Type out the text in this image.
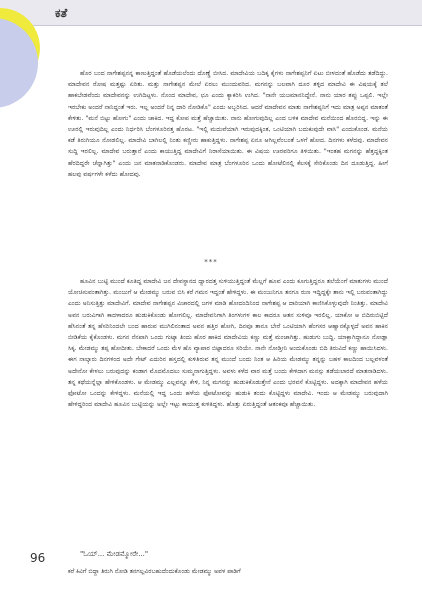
ಕತೆ

ಹೊರ ಬಂದ ನಾಗೇಶಪ್ಪನನ್ನ ಕಾಣುತ್ತಿದ್ದಂತೆ ಹೊಡೆಯಲೆಂದು ದೊಣ್ಣೆ ಬೀಸಿದ. ಮಾದೇವಿಯ ಬದಿಕ್ಕ ಕೈಗಳು ನಾಗೇಶಪ್ಪನಿಗೆ ಏಟು ಬೀಳದಂತೆ ಹೊಡೆದು ತಡೆದಿದ್ದು. ಮಾದೇವನ ರೋಷ ಮತ್ತಷ್ಟು ಏರಿತು. ಮತ್ತು ನಾಗೇಶಪ್ಪನ ಮೇಲೆ ಏರಲು ಮುಂದುವರಿದ. ಮಗನನ್ನು ಬಲವಾಗಿ ದೂರ ತಳ್ಳಿದ ಮಾದೇವಿ ಈ ವಿಷಯಕ್ಕೆ ತಲೆ ಹಾಕಬೇಡವೆಂದು ಮಾದೇವನನ್ನು ಉಗಿದಿಟ್ಟಳು. ನೊಂದ ಮಾದೇವ, ಛೂ ಎಂದು ಕ್ಯಾಕರಿಸಿ ಉಗಿದ. "ನಾನೇ ಯಜಮಾನನಿದ್ದೇನೆ. ನಾನು ಯಾರ ತಪ್ಪು ಒಪ್ಪಲಿ. ಇಲ್ಲೇ ಇರಬೇಕು ಅಂದರೆ ನಾನಿದ್ದಂತೆ ಇರು. ಇಲ್ಲ ಅಂದರೆ ನಿನ್ನ ದಾರಿ ನೋಡಿಕೊ" ಎಂದು ಅಬ್ಬರಿಸಿದ. ಆದರೆ ಮಾದೇವನ ಮಾತು ನಾಗೇಶಪ್ಪನಿಗೆ ಇದು ಮಾತ್ರ ಅಪ್ಪನ ಮಾತಂತೆ ಕೇಳಿತು. "ಮನೆ ಬಿಟ್ಟು ಹೋಗು" ಎಂದು ಚಾಕಿದ. ಇದ್ದ ಕೋಪ ಮತ್ತೆ ಹೆಚ್ಚಾಯಿತು. ನಾನು ಹೋಗುವುದಿಲ್ಲ ಎಂದ ಬಳಿಕ ಮಾದೇವ ಮನೆಯಿಂದ ಹೊರಬಿದ್ದ. ಇನ್ನು ಈ ಊರಲ್ಲಿ ಇರುವುದಿಲ್ಲ ಎಂದು ನಿರ್ಧರಿಸಿ ಬೆಂಗಳೂರಿನತ್ತ ಹೊರಟ. "ಇಲ್ಲಿ ಮದುವೆಯಾಗಿ ಇರುವುದಕ್ಕಿಂತ, ಒಂಟಿಯಾಗಿ ಬದುಕುವುದೇ ವಾಸಿ" ಎಂದುಕೊಂಡ. ಮನೆಯ ಕಡೆ ತಿರುಗಿಯೂ ನೋಡಲಿಲ್ಲ. ಮಾದೇವಿ ಬಾಗಿಲಲ್ಲಿ ನಿಂತು ಕಣ್ಣೀರು ಹಾಕುತ್ತಿದ್ದಳು. ನಾಗೇಶಪ್ಪ ಏನೂ ಆಗಿಲ್ಲವೆಂಬಂತೆ ಒಳಗೆ ಹೋದ. ದಿನಗಳು ಕಳೆದವು. ಮಾದೇವನ ಸುದ್ದಿ ಇರಲಿಲ್ಲ. ಮಾದೇವ ಬರುತ್ತಾನೆ ಎಂದು ಕಾಯುತ್ತಿದ್ದ ಮಾದೇವಿಗೆ ನಿರಾಸೆಯಾಯಿತು. ಈ ವಿಷಯ ಊರವರಿಗೂ ತಿಳಿಯಿತು. "ಇಂತಹ ಮಗನನ್ನು ಹೆತ್ತದ್ದಕ್ಕಿಂತ ಹೆರದಿದ್ದರೇ ಚೆನ್ನಾಗಿತ್ತು" ಎಂದು ಜನ ಮಾತನಾಡಿಕೊಂಡರು. ಮಾದೇವ ಮಾತ್ರ ಬೆಂಗಳೂರಿನ ಒಂದು ಹೋಟೆಲಿನಲ್ಲಿ ಕೆಲಸಕ್ಕೆ ಸೇರಿಕೊಂಡು ದಿನ ದೂಡುತ್ತಿದ್ದ. ಹೀಗೆ ಹಲವು ವರ್ಷಗಳೇ ಕಳೆದು ಹೋದವು.

***

ಹೂವಿನ ಬುಟ್ಟಿ ಮುಂದೆ ಕೂತಿದ್ದ ಮಾದೇವಿ ಜನ ದೇವಸ್ಥಾನದ ದ್ವಾರದತ್ತ ಸುಳಿಯುತ್ತಿದ್ದಂತೆ ಮೆಲ್ಲಗೆ ಹೂವ ಎಂದು ಕೂಗುತ್ತಿದ್ದರೂ ತಲೆಯೆಂಗೆ ಮಾತುಗಳು ಮುಂದೆ ಯೋಚಿಸುವಂತಾಗಿತ್ತು. ಮಂಜುಗೆ ಆ ಮೇಡಮ್ಮು ಬರುವ ಬಿಸಿ ಕರೆ ಗಮನ ಇದ್ದಂತೆ ಹೇಳಿದ್ದಳು. ಈ ಮಂಜುನಿಗೂ ತನಗೂ ರುಣ ಇದ್ದಿದ್ದಕ್ಕೇ ತಾನು ಇಲ್ಲಿ ಬರುವಂತಾಗಿದ್ದು ಎಂದು ಅನಿಸುತ್ತಿತ್ತು ಮಾದೇವಿಗೆ. ಮಾದೇವ ನಾಗೇಶಪ್ಪನ ವಿಚಾರದಲ್ಲಿ ಜಗಳ ಮಾಡಿ ಹೋದಂದಿನಿಂದ ನಾಗೇಶಪ್ಪ ಆ ದಾರಿಯಾಗಿ ಕಾಣಿಸಿಕೊಳ್ಳುವುದೇ ನಿಂತಿತ್ತು. ಮಾದೇವಿ ಅವನ ಬರುವಿಗಾಗಿ ಕಾದಳಾದರೂ ಹುಡುಕಿಕೊಂಡು ಹೋಗಲಿಲ್ಲ. ಮಾದೇವನಿಗಾಗಿ ತಿಂಗಳುಗಳ ಕಾಲ ಕಾದರೂ ಆತನ ಸುಳಿವೂ ಇರಲಿಲ್ಲ. ಯಾಕೋ ಆ ಬಿದಿರುಬಿಟ್ಟಿದೆ ಹೆಸಿನಂತೆ ತನ್ನ ಹೆಸರಿನಿಂದಲೇ ಬಂದ ಹಾರುವ ಮುಗಿಲಿನಂತಾದ ಅವನ ಹತ್ತಿರ ಹೋಗಿ, ದಿನವೂ ತಾನೂ ಬೇರೆ ಒಂಟಿಯಾಗಿ ಹೆಂಗಸರ ಆಹ್ವಾನಕ್ಕೊಳ್ಳದೆ ಅವನ ಹಾಕಿನ ಬೀಡಿಕೆಯ ಕೈಕೊಂಡಳು. ಮಗನ ನೆನಪಾಗಿ ಒಂದು ಗುಟ್ಕಾ ತಿಂದು ಹೊರ ಹಾಕಿದ ಮಾದೇವಿಯ ಕಣ್ಣು ಮತ್ತೆ ಮಂಜಾಗಿತ್ತು. ಹುಡುಗು ಬುದ್ದಿ. ಯಾಕ್ಬಾಗಿದ್ದಾನೂ ನೋಡ್ಲಾ ಸಿಕ್ಕ. ಮೇಡಮ್ಮು ತಪ್ಪ ಹೋದೀತು. ಬೇಕಾದರೆ ಒಂದು ಮೆಳ ಹೊ ವ್ಯಾಪಾರ ಬಿಟ್ಟಾದರೂ ಸರಿಯೇ. ನಾನೇ ನೋಡ್ತೀನಿ ಅಂದುಕೊಂಡು ಬಿದಿ ತಿರುವಿದೆ ಕಣ್ಣು ಹಾಯಿಸಿದಳು. ಈಗ ನಾಲ್ಕಾರು ದಿನಗಳಿಂದ ಅದೇ ಗೇಟ್ ಎದುರಿನ ಹಸ್ತದಲ್ಲಿ ಕುಳಿತಿರುವ ತನ್ನ ಮುಂದೆ ಬಂದು ನಿಂತ ಆ ಹಿರಿಯ ಮೇಡಮ್ಮು ತನ್ನನ್ನು ಬಹಳ ಕಾಲದಿಂದ ಬಲ್ಲವಳಂತೆ ಅದೇನೋ ಕೇಳಲು ಬರುವುದನ್ನು ಕಂಡಾಗ ಮೊದಮೊದಲು ಸುಮ್ಮನಾಗುತ್ತಿದ್ದಳು. ಅವಳು ಕಳೆದ ವಾರ ಮತ್ತೆ ಬಂದು ಕೇಳಿದಾಗ ಮನಸ್ಸು ತಡೆಯಲಾರದೆ ಮಾತನಾಡಿದಳು. ತನ್ನ ಕಥೆಯನ್ನೆಲ್ಲಾ ಹೇಳಿಕೊಂಡಳು. ಆ ಮೇಡಮ್ಮು ಎಲ್ಲವನ್ನೂ ಕೇಳಿ, ನಿನ್ನ ಮಗನನ್ನು ಹುಡುಕಿಕೊಡುತ್ತೇನೆ ಎಂದು ಭರವಸೆ ಕೊಟ್ಟಿದ್ದಳು. ಅದಕ್ಕಾಗಿ ಮಾದೇವನ ಹಳೆಯ ಫೋಟೋ ಒಂದನ್ನು ಕೇಳಿದ್ದಳು. ಮನೆಯಲ್ಲಿ ಇದ್ದ ಒಂದು ಹಳೆಯ ಫೋಟೋವನ್ನು ಹುಡುಕಿ ತಂದು ಕೊಟ್ಟಿದ್ದಳು ಮಾದೇವಿ. ಇಂದು ಆ ಮೇಡಮ್ಮು ಬರುವುದಾಗಿ ಹೇಳಿದ್ದರಿಂದ ಮಾದೇವಿ ಹೂವಿನ ಬುಟ್ಟಿಯನ್ನು ಅಲ್ಲೇ ಇಟ್ಟು ಕಾಯುತ್ತ ಕುಳಿತಿದ್ದಳು. ಹೊತ್ತು ಏರುತ್ತಿದ್ದಂತೆ ಆತಂಕವೂ ಹೆಚ್ಚಾಯಿತು.

"ಓಯ್... ಮೇಡಮ್ಮೋರೇ..."
ಕರೆ ಕಿವಿಗೆ ಬಿದ್ದಾ ತಿರುಗಿ ನೋಡಿ ತನಗಲ್ಲವಿರಬಹುದೆಂದುಕೊಂಡು ಮೇಡಮ್ಮು ಅವಳ ಪಾಡಿಗೆ
96
